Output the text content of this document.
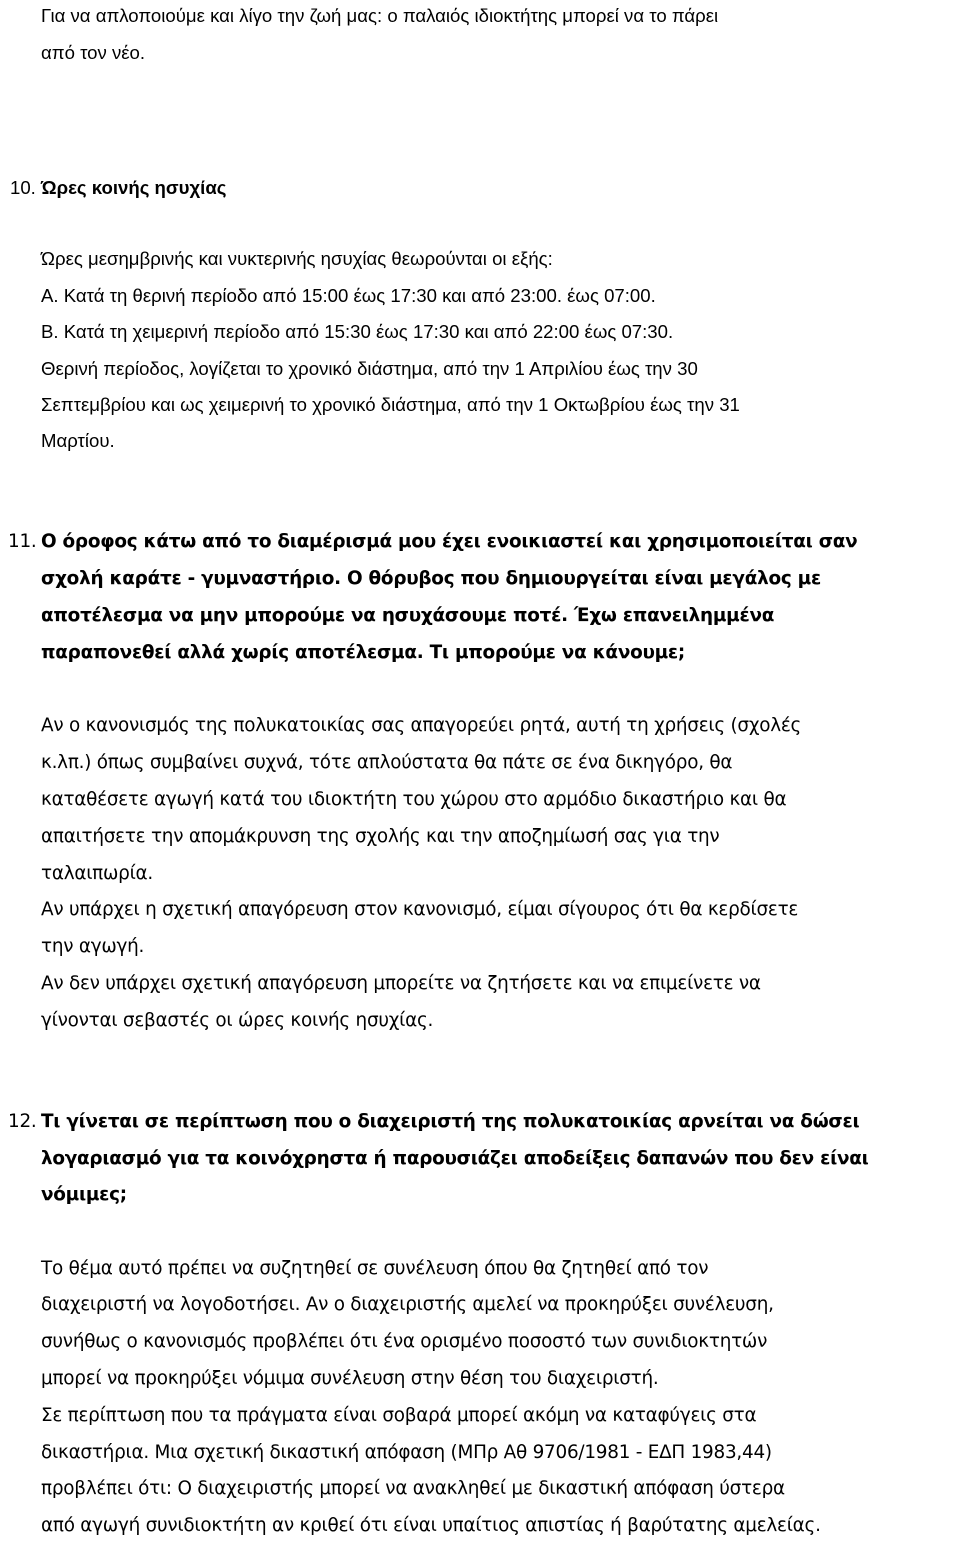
Για να απλοποιούμε και λίγο την ζωή μας: ο παλαιός ιδιοκτήτης μπορεί να το πάρει
από τον νέο.
10. Ώρες κοινής ησυχίας
Ώρες μεσημβρινής και νυκτερινής ησυχίας θεωρούνται οι εξής:
Α. Κατά τη θερινή περίοδο από 15:00 έως 17:30 και από 23:00. έως 07:00.
Β. Κατά τη χειμερινή περίοδο από 15:30 έως 17:30 και από 22:00 έως 07:30.
Θερινή περίοδος, λογίζεται το χρονικό διάστημα, από την 1 Απριλίου έως την 30
Σεπτεμβρίου και ως χειμερινή το χρονικό διάστημα, από την 1 Οκτωβρίου έως την 31
Μαρτίου.
11. Ο όροφος κάτω από το διαμέρισμά μου έχει ενοικιαστεί και χρησιμοποιείται σαν
σχολή καράτε - γυμναστήριο. Ο θόρυβος που δημιουργείται είναι μεγάλος με
αποτέλεσμα να μην μπορούμε να ησυχάσουμε ποτέ. Έχω επανειλημμένα
παραπονεθεί αλλά χωρίς αποτέλεσμα. Τι μπορούμε να κάνουμε;
Αν ο κανονισμός της πολυκατοικίας σας απαγορεύει ρητά, αυτή τη χρήσεις (σχολές
κ.λπ.) όπως συμβαίνει συχνά, τότε απλούστατα θα πάτε σε ένα δικηγόρο, θα
καταθέσετε αγωγή κατά του ιδιοκτήτη του χώρου στο αρμόδιο δικαστήριο και θα
απαιτήσετε την απομάκρυνση της σχολής και την αποζημίωσή σας για την
ταλαιπωρία.
Αν υπάρχει η σχετική απαγόρευση στον κανονισμό, είμαι σίγουρος ότι θα κερδίσετε
την αγωγή.
Αν δεν υπάρχει σχετική απαγόρευση μπορείτε να ζητήσετε και να επιμείνετε να
γίνονται σεβαστές οι ώρες κοινής ησυχίας.
12. Τι γίνεται σε περίπτωση που ο διαχειριστή της πολυκατοικίας αρνείται να δώσει
λογαριασμό για τα κοινόχρηστα ή παρουσιάζει αποδείξεις δαπανών που δεν είναι
νόμιμες;
Το θέμα αυτό πρέπει να συζητηθεί σε συνέλευση όπου θα ζητηθεί από τον
διαχειριστή να λογοδοτήσει. Αν ο διαχειριστής αμελεί να προκηρύξει συνέλευση,
συνήθως ο κανονισμός προβλέπει ότι ένα ορισμένο ποσοστό των συνιδιοκτητών
μπορεί να προκηρύξει νόμιμα συνέλευση στην θέση του διαχειριστή.
Σε περίπτωση που τα πράγματα είναι σοβαρά μπορεί ακόμη να καταφύγεις στα
δικαστήρια. Μια σχετική δικαστική απόφαση (ΜΠρ Αθ 9706/1981 - ΕΔΠ 1983,44)
προβλέπει ότι: Ο διαχειριστής μπορεί να ανακληθεί με δικαστική απόφαση ύστερα
από αγωγή συνιδιοκτήτη αν κριθεί ότι είναι υπαίτιος απιστίας ή βαρύτατης αμελείας.
